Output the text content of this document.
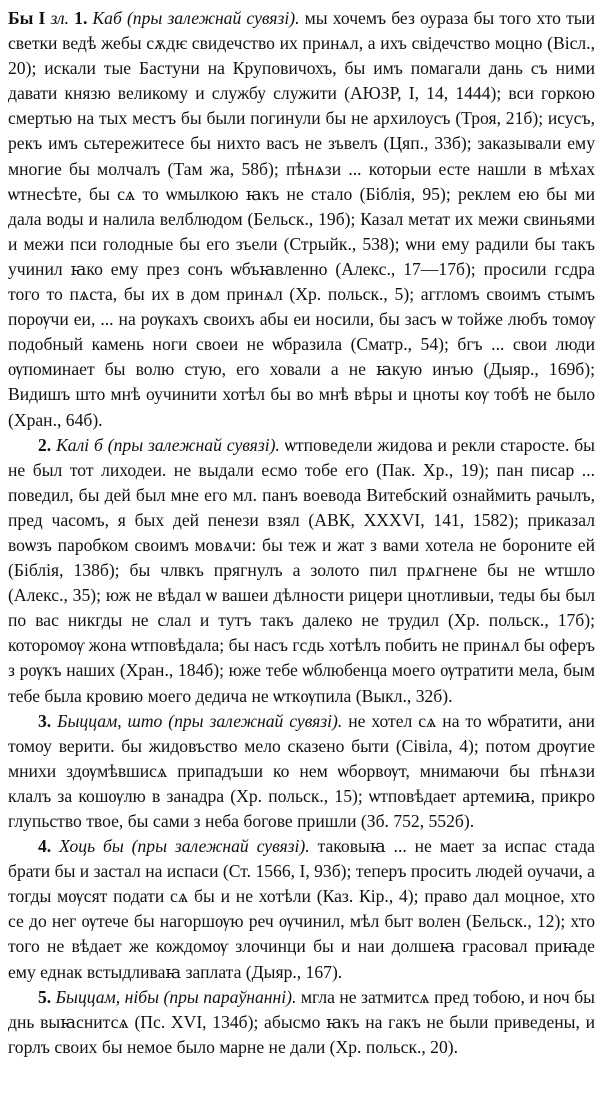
Бы I зл. 1. Каб (пры залежнай сувязі). мы хочемъ без оураза бы того хто тыи светки ведѣ жебы сѫдѥ свидечство их принѧл, а ихъ свідечство моцно (Вісл., 20); искали тые Бастуни на Круповичохъ, бы имъ помагали дань съ ними давати князю великому и службу служити (АЮЗР, I, 14, 1444); вси горкою смертью на тых местъ бы были погинули бы не архилоусъ (Троя, 21б); исусъ, рекъ имъ сьтережитесе бы нихто васъ не зъвелъ (Цяп., 33б); заказывали ему многие бы молчалъ (Там жа, 58б); пѣнѧзи ... которыи есте нашли в мѣхах ѡтнесѣте, бы сѧ то ѡмылкою ꙗкъ не стало (Біблія, 95); реклем ею бы ми дала воды и налила велблюдом (Бельск., 19б); Казал метат их межи свиньями и межи пси голодные бы его зъели (Стрыйк., 538); ѡни ему радили бы такъ учинил ꙗко ему през сонъ ѡбъꙗвленно (Алекс., 17—17б); просили гсдра того то пѧста, бы их в дом принѧл (Хр. польск., 5); аггломъ своимъ стымъ порѹчи еи, ... на рѹкахъ своихъ абы еи носили, бы засъ ѡ тойже любъ томѹ подобный камень ноги своеи не ѡбразила (Сматр., 54); бгъ ... свои люди ѹпоминает бы волю стую, его ховали а не ꙗкую инъю (Дыяр., 169б); Видишъ што мнѣ оучинити хотѣл бы во мнѣ вѣры и цноты кѹ тобѣ не было (Хран., 64б).

2. Калі б (пры залежнай сувязі). ѡтповедели жидова и рекли старосте. бы не был тот лиходеи. не выдали есмо тобе его (Пак. Хр., 19); пан писар ... поведил, бы дей был мне его мл. панъ воевода Витебский ознаймить рачылъ, пред часомъ, я бых дей пенези взял (АВК, XXXVI, 141, 1582); приказал воѡзъ паробком своимъ мовѧчи: бы теж и жат з вами хотела не бороните ей (Біблія, 138б); бы члвкъ прягнулъ а золото пил прѧгнене бы не ѡтшло (Алекс., 35); юж не вѣдал ѡ вашеи дѣлности рицери цнотливыи, теды бы был по вас никгды не слал и тутъ такъ далеко не трудил (Хр. польск., 17б); которомѹ жона ѡтповѣдала; бы насъ гсдь хотѣлъ побить не принѧл бы оферъ з рѹкъ наших (Хран., 184б); юже тебе ѡблюбенца моего ѹтратити мела, бым тебе была кровию моего дедича не ѡткѹпила (Выкл., 32б).

3. Быццам, што (пры залежнай сувязі). не хотел сѧ на то ѡбратити, ани томоу верити. бы жидовъство мело сказено быти (Сівіла, 4); потом дрѹгие мнихи здѹмѣвшисѧ припадъши ко нем ѡборвѹт, мнимаючи бы пѣнѧзи клалъ за кошѹлю в занадра (Хр. польск., 15); ѡтповѣдает артемиꙗ, прикро глупьство твое, бы сами з неба богове пришли (Зб. 752, 552б).

4. Хоць бы (пры залежнай сувязі). таковыꙗ ... не мает за испас стада брати бы и застал на испаси (Ст. 1566, I, 93б); теперъ просить людей оучачи, а тогды мѹсят подати сѧ бы и не хотѣли (Каз. Кір., 4); право дал моцное, хто се до нег ѹтече бы нагоршѹю реч ѹчинил, мѣл быт волен (Бельск., 12); хто того не вѣдает же кождомѹ злочинци бы и наи долшеꙗ грасовал приꙗде ему еднак встыдливаꙗ заплата (Дыяр., 167).

5. Быццам, нібы (пры параўнанні). мгла не затмитсѧ пред тобою, и ноч бы днь выꙗснитсѧ (Пс. XVI, 134б); абысмо ꙗкъ на гакъ не были приведены, и горлъ своих бы немое было марне не дали (Хр. польск., 20).
